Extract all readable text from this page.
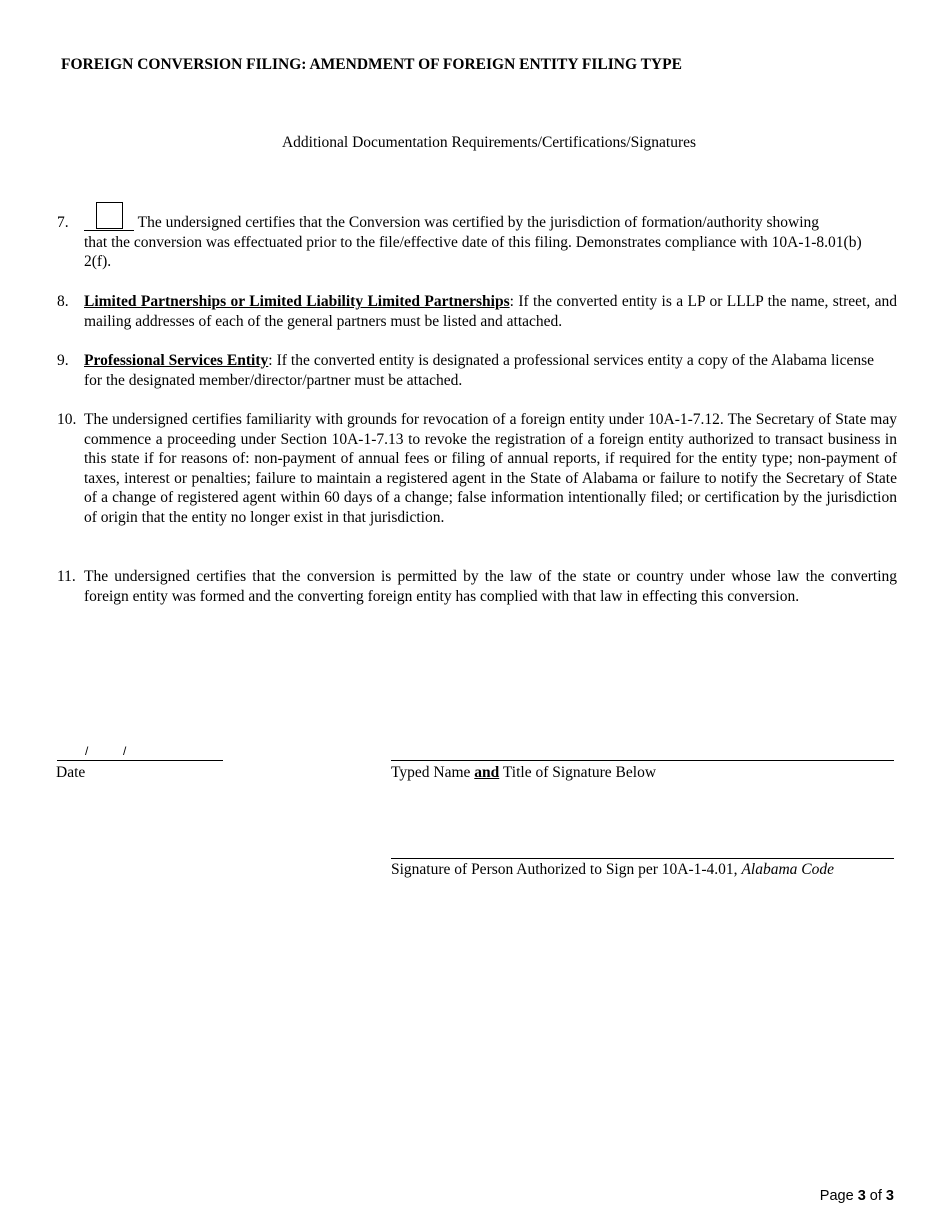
FOREIGN CONVERSION FILING: AMENDMENT OF FOREIGN ENTITY FILING TYPE
Additional Documentation Requirements/Certifications/Signatures
7.	The undersigned certifies that the Conversion was certified by the jurisdiction of formation/authority showing
that the conversion was effectuated prior to the file/effective date of this filing. Demonstrates compliance with 10A-1-8.01(b) 2(f).
8. Limited Partnerships or Limited Liability Limited Partnerships: If the converted entity is a LP or LLLP the name, street, and mailing addresses of each of the general partners must be listed and attached.
9. Professional Services Entity: If the converted entity is designated a professional services entity a copy of the Alabama license for the designated member/director/partner must be attached.
10. The undersigned certifies familiarity with grounds for revocation of a foreign entity under 10A-1-7.12. The Secretary of State may commence a proceeding under Section 10A-1-7.13 to revoke the registration of a foreign entity authorized to transact business in this state if for reasons of: non-payment of annual fees or filing of annual reports, if required for the entity type; non-payment of taxes, interest or penalties; failure to maintain a registered agent in the State of Alabama or failure to notify the Secretary of State of a change of registered agent within 60 days of a change; false information intentionally filed; or certification by the jurisdiction of origin that the entity no longer exist in that jurisdiction.
11. The undersigned certifies that the conversion is permitted by the law of the state or country under whose law the converting foreign entity was formed and the converting foreign entity has complied with that law in effecting this conversion.
/	/
Date	Typed Name and Title of Signature Below
Signature of Person Authorized to Sign per 10A-1-4.01, Alabama Code
Page 3 of 3
